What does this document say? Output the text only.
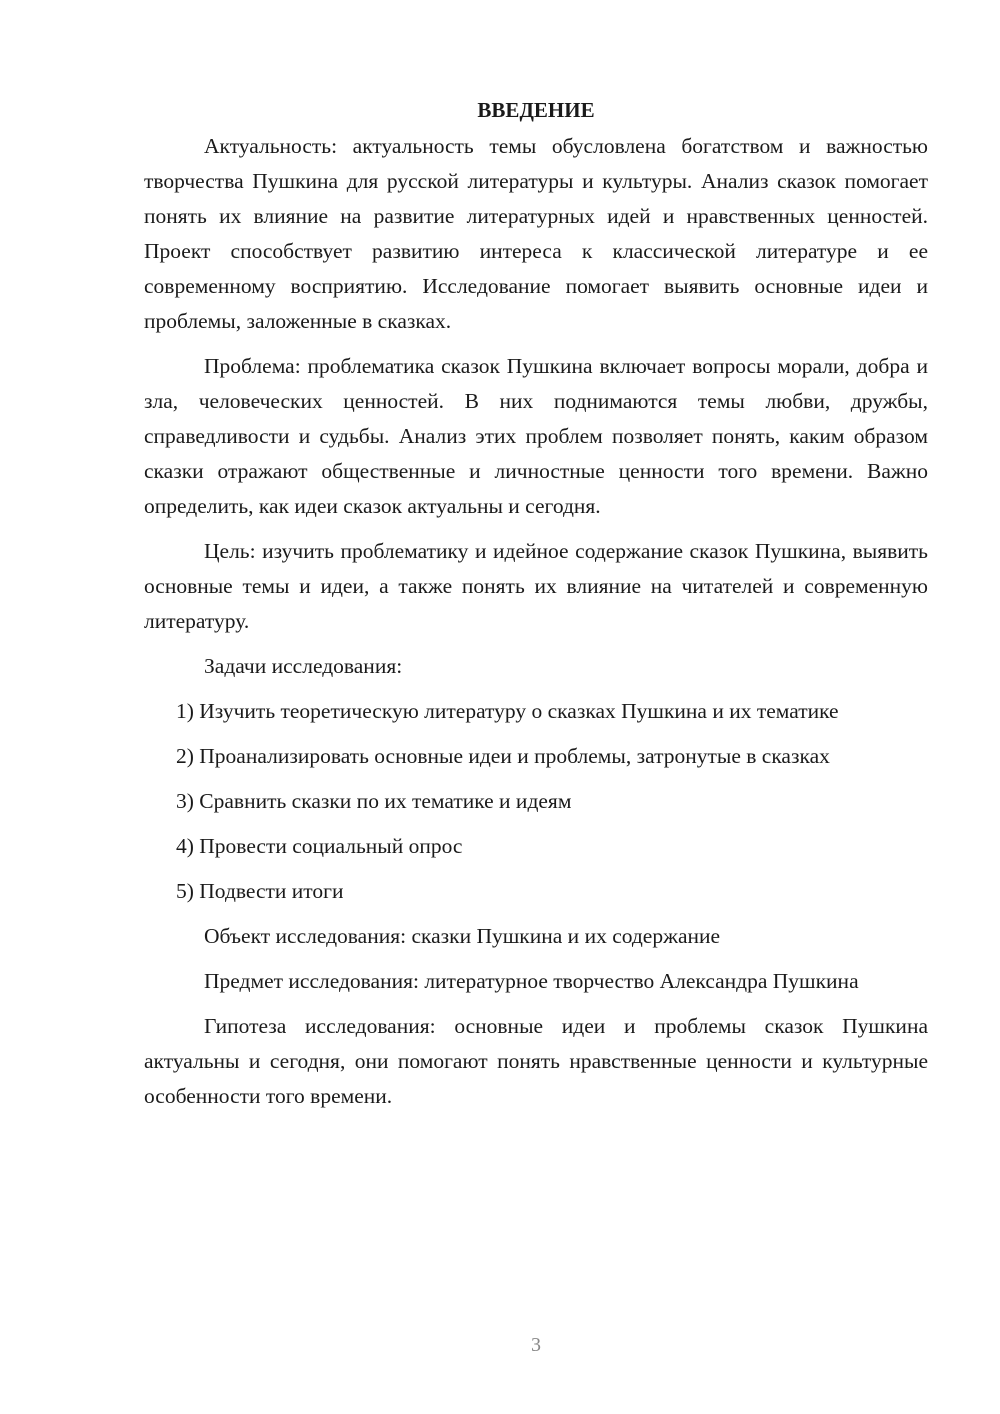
ВВЕДЕНИЕ

Актуальность: актуальность темы обусловлена богатством и важностью творчества Пушкина для русской литературы и культуры. Анализ сказок помогает понять их влияние на развитие литературных идей и нравственных ценностей. Проект способствует развитию интереса к классической литературе и ее современному восприятию. Исследование помогает выявить основные идеи и проблемы, заложенные в сказках.

Проблема: проблематика сказок Пушкина включает вопросы морали, добра и зла, человеческих ценностей. В них поднимаются темы любви, дружбы, справедливости и судьбы. Анализ этих проблем позволяет понять, каким образом сказки отражают общественные и личностные ценности того времени. Важно определить, как идеи сказок актуальны и сегодня.

Цель: изучить проблематику и идейное содержание сказок Пушкина, выявить основные темы и идеи, а также понять их влияние на читателей и современную литературу.

Задачи исследования:

1) Изучить теоретическую литературу о сказках Пушкина и их тематике

2) Проанализировать основные идеи и проблемы, затронутые в сказках

3) Сравнить сказки по их тематике и идеям

4) Провести социальный опрос

5) Подвести итоги

Объект исследования: сказки Пушкина и их содержание

Предмет исследования: литературное творчество Александра Пушкина

Гипотеза исследования: основные идеи и проблемы сказок Пушкина актуальны и сегодня, они помогают понять нравственные ценности и культурные особенности того времени.

3
